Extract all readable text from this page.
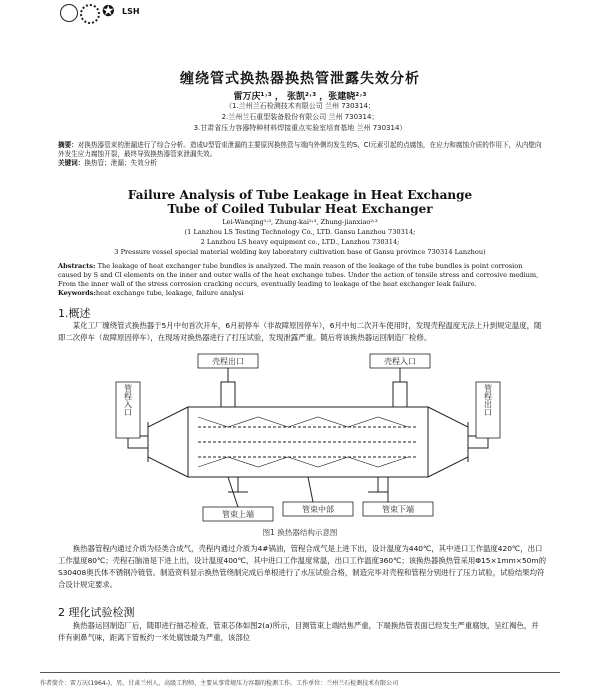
✪ LSH
缠绕管式换热器换热管泄露失效分析
雷万庆¹˒³ ， 张凯²˒³ ，张建晓²˒³
（1.兰州兰石检测技术有限公司 兰州 730314；
2.兰州兰石重型装备股份有限公司 兰州 730314；
3.甘肃省压力容器特种材料焊接重点实验室培育基地 兰州 730314）
摘要：对换热器管束的泄漏进行了综合分析。造成U型管束泄漏的主要原因换热管与端内外侧均发生的S、Cl元素引起的点腐蚀，在应力和腐蚀介质的作用下，从内壁向外发生应力腐蚀开裂，最终导致换热器管束泄漏失效。
关键词：换热管；泄漏；失效分析
Failure Analysis of Tube Leakage in Heat Exchange
Tube of Coiled Tubular Heat Exchanger
Lei-Wanqing¹˒³, Zhung-kai²˒³, Zhung-jianxiao²˒³
(1 Lanzhou LS Testing Technology Co., LTD. Gansu Lanzhou 730314;
2 Lanzhou LS heavy equipment co., LTD., Lanzhou 730314;
3 Pressure vessel special material welding key laboratory cultivation base of Gansu province 730314 Lanzhou)
Abstracts: The leakage of heat exchanger tube bundles is analyzed. The main reason of the leakage of the tube bundles is point corrosion caused by S and Cl elements on the inner and outer walls of the heat exchange tubes. Under the action of tensile stress and corrosive medium, From the inner wall of the stress corrosion cracking occurs, eventually leading to leakage of the heat exchanger leak failure.
Keywords:heat exchange tube, leakage, failure analysi
1.概述
某化工厂缠绕管式换热器于5月中旬首次开车，6月初停车（非故障原因停车），6月中旬二次开车使用时，发现壳程温度无法上升到规定温度，随即二次停车（故障原因停车），在现场对换热器进行了打压试验，发现泄露严重。随后将该换热器运回制造厂检修。
壳程出口	壳程入口
管程入口	管程出口
管束上端
管束中部	管束下端
图1 换热器结构示意图
换热器管程内通过介质为烃类合成气，壳程内通过介质为4#锅油，管程合成气是上进下出，设计温度为440℃，其中进口工作温度420℃，出口工作温度80℃；壳程石脑油是下进上出，设计温度400℃，其中进口工作温度常温，出口工作温度360℃；该换热器换热管采用Φ15×1mm×50m的S30408奥氏体不锈钢冷链管。制造资料显示换热管绕制完成后单根进行了水压试验合格，制造完毕对壳程和管程分别进行了压力试验，试验结果均符合设计规定要求。
2 理化试验检测
换热器运回制造厂后，随即进行抽芯检查，管束芯体如图2(a)所示，目测管束上端结焦严重，下端换热管表面已经发生严重腐蚀，呈红褐色，并伴有刺鼻气味，距离下管板约一米处腐蚀最为严重，该部位
作者简介：雷万庆(1964-)，男，甘肃兰州人，高级工程师，主要从事常规压力容器的检测工作。工作单位：兰州兰石检测技术有限公司
